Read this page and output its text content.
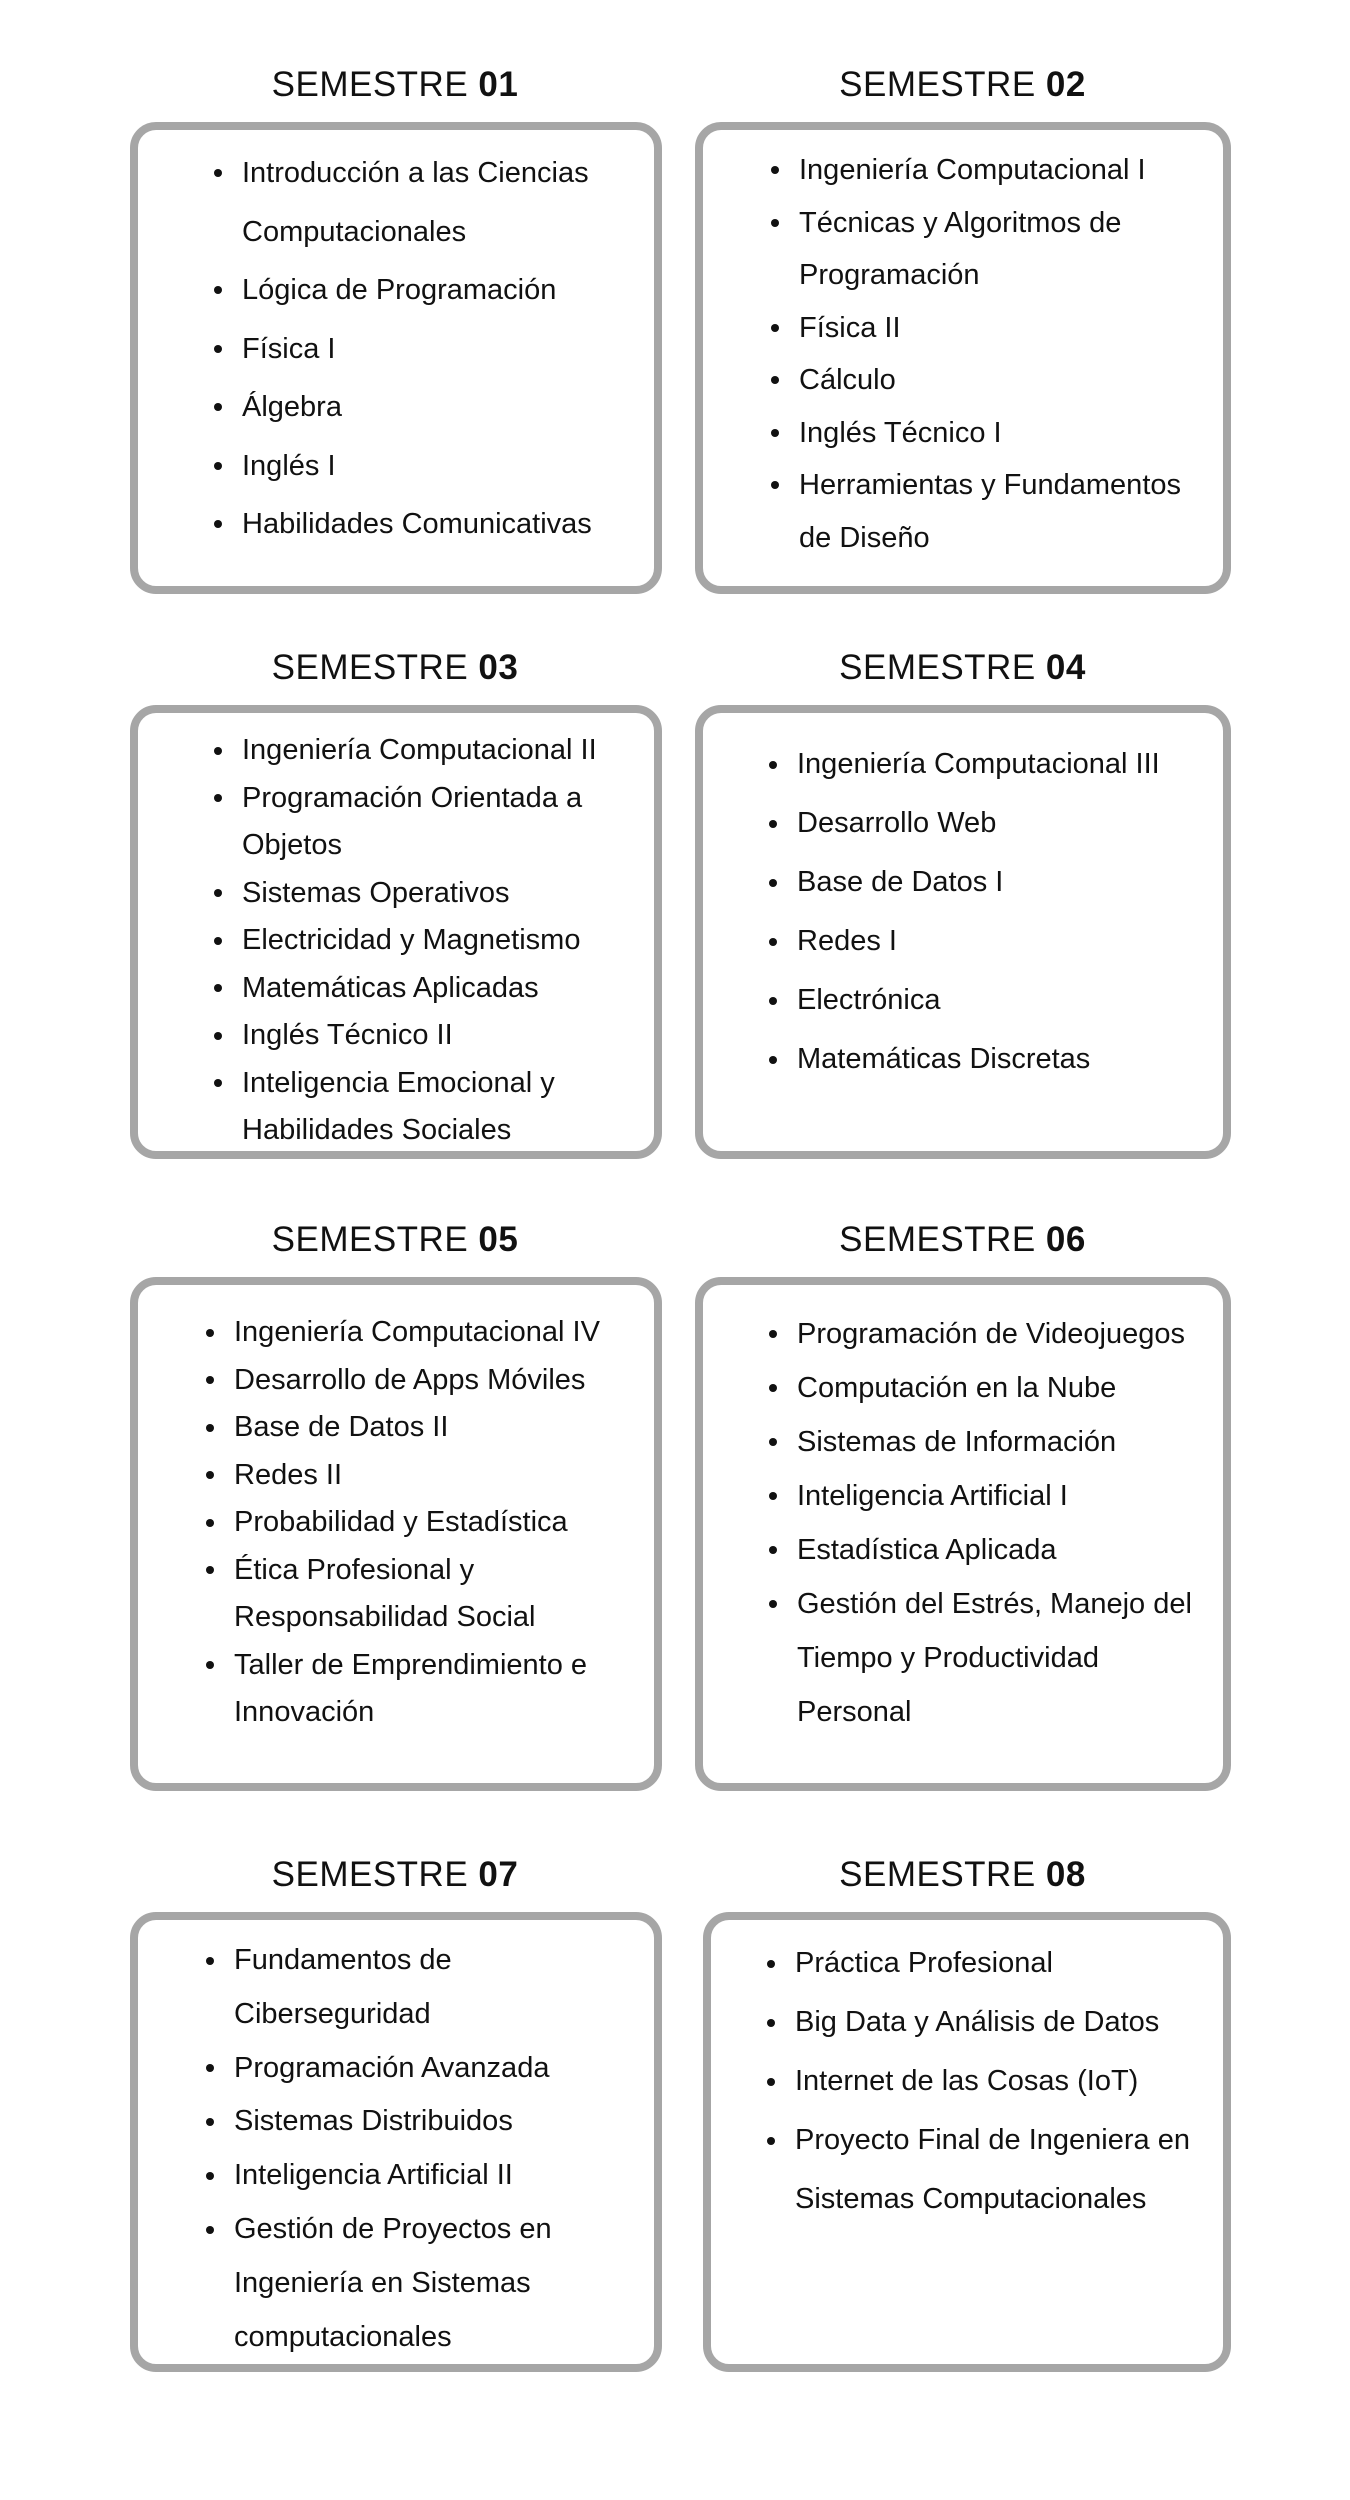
SEMESTRE 01
Introducción a las Ciencias Computacionales
Lógica de Programación
Física I
Álgebra
Inglés I
Habilidades Comunicativas
SEMESTRE 02
Ingeniería Computacional I
Técnicas y Algoritmos de Programación
Física II
Cálculo
Inglés Técnico I
Herramientas y Fundamentos de Diseño
SEMESTRE 03
Ingeniería Computacional II
Programación Orientada a Objetos
Sistemas Operativos
Electricidad y Magnetismo
Matemáticas Aplicadas
Inglés Técnico II
Inteligencia Emocional y Habilidades Sociales
SEMESTRE 04
Ingeniería Computacional III
Desarrollo Web
Base de Datos I
Redes I
Electrónica
Matemáticas Discretas
SEMESTRE 05
Ingeniería Computacional IV
Desarrollo de Apps Móviles
Base de Datos II
Redes II
Probabilidad y Estadística
Ética Profesional y Responsabilidad Social
Taller de Emprendimiento e Innovación
SEMESTRE 06
Programación de Videojuegos
Computación en la Nube
Sistemas de Información
Inteligencia Artificial I
Estadística Aplicada
Gestión del Estrés, Manejo del Tiempo y Productividad Personal
SEMESTRE 07
Fundamentos de Ciberseguridad
Programación Avanzada
Sistemas Distribuidos
Inteligencia Artificial II
Gestión de Proyectos en Ingeniería en Sistemas computacionales
SEMESTRE 08
Práctica Profesional
Big Data y Análisis de Datos
Internet de las Cosas (IoT)
Proyecto Final de Ingeniera en Sistemas Computacionales
